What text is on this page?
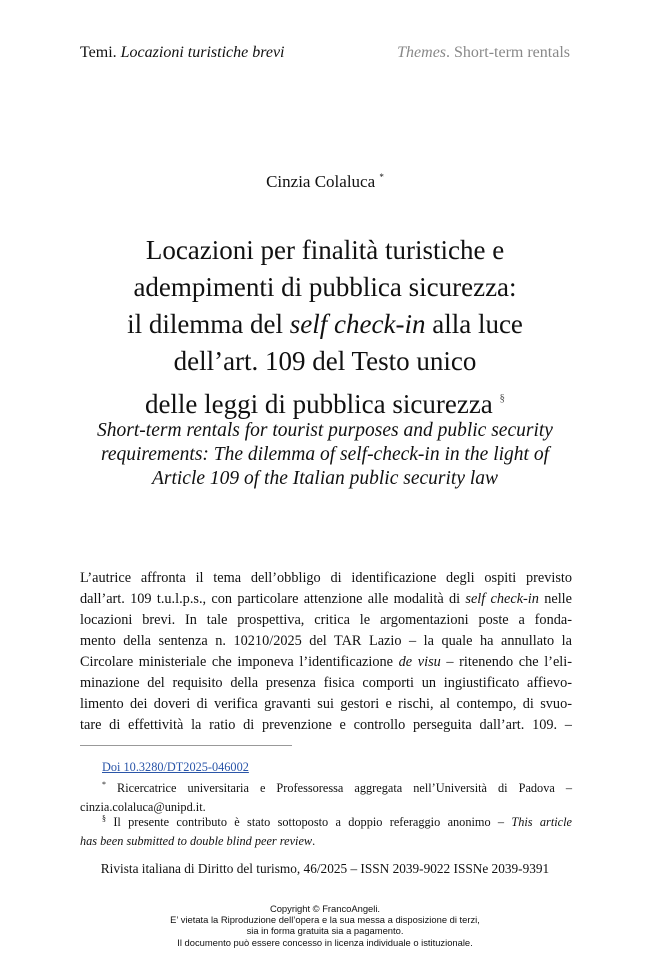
Temi. Locazioni turistiche brevi	Themes. Short-term rentals
Cinzia Colaluca *
Locazioni per finalità turistiche e
adempimenti di pubblica sicurezza:
il dilemma del self check-in alla luce
dell’art. 109 del Testo unico
delle leggi di pubblica sicurezza §
Short-term rentals for tourist purposes and public security
requirements: The dilemma of self-check-in in the light of
Article 109 of the Italian public security law
L’autrice affronta il tema dell’obbligo di identificazione degli ospiti previsto
dall’art. 109 t.u.l.p.s., con particolare attenzione alle modalità di self check-in nelle
locazioni brevi. In tale prospettiva, critica le argomentazioni poste a fonda-
mento della sentenza n. 10210/2025 del TAR Lazio – la quale ha annullato la
Circolare ministeriale che imponeva l’identificazione de visu – ritenendo che l’eli-
minazione del requisito della presenza fisica comporti un ingiustificato affievo-
limento dei doveri di verifica gravanti sui gestori e rischi, al contempo, di svuo-
tare di effettività la ratio di prevenzione e controllo perseguita dall’art. 109. –
Doi 10.3280/DT2025-046002
* Ricercatrice universitaria e Professoressa aggregata nell’Università di Padova –
cinzia.colaluca@unipd.it.
§ Il presente contributo è stato sottoposto a doppio referaggio anonimo – This article
has been submitted to double blind peer review.
Rivista italiana di Diritto del turismo, 46/2025 – ISSN 2039-9022 ISSNe 2039-9391
Copyright © FrancoAngeli.
E’ vietata la Riproduzione dell’opera e la sua messa a disposizione di terzi,
sia in forma gratuita sia a pagamento.
Il documento può essere concesso in licenza individuale o istituzionale.
